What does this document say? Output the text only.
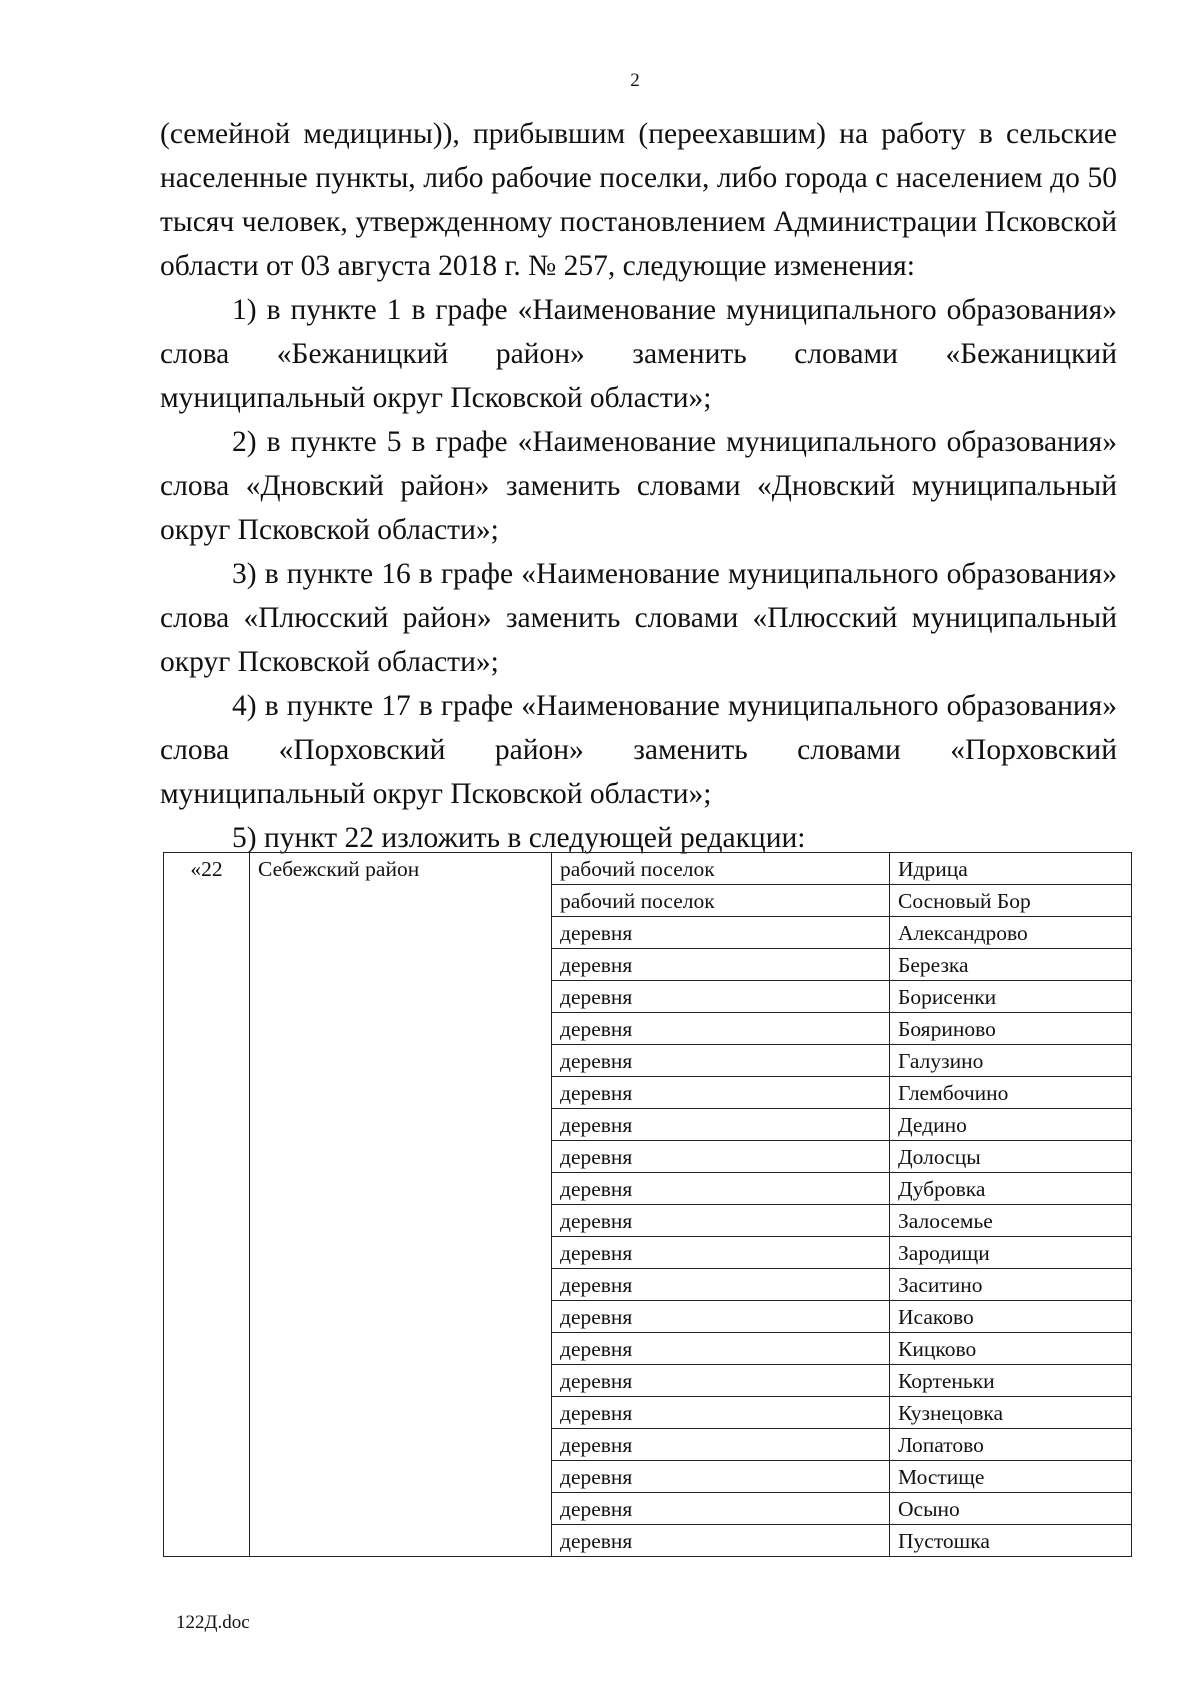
2

(семейной медицины)), прибывшим (переехавшим) на работу в сельские населенные пункты, либо рабочие поселки, либо города с населением до 50 тысяч человек, утвержденному постановлением Администрации Псковской области от 03 августа 2018 г. № 257, следующие изменения:

1) в пункте 1 в графе «Наименование муниципального образования» слова «Бежаницкий район» заменить словами «Бежаницкий муниципальный округ Псковской области»;

2) в пункте 5 в графе «Наименование муниципального образования» слова «Дновский район» заменить словами «Дновский муниципальный округ Псковской области»;

3) в пункте 16 в графе «Наименование муниципального образования» слова «Плюсский район» заменить словами «Плюсский муниципальный округ Псковской области»;

4) в пункте 17 в графе «Наименование муниципального образования» слова «Порховский район» заменить словами «Порховский муниципальный округ Псковской области»;

5) пункт 22 изложить в следующей редакции:

«22	Себежский район	рабочий поселок	Идрица
		рабочий поселок	Сосновый Бор
		деревня	Александрово
		деревня	Березка
		деревня	Борисенки
		деревня	Бояриново
		деревня	Галузино
		деревня	Глембочино
		деревня	Дедино
		деревня	Долосцы
		деревня	Дубровка
		деревня	Залосемье
		деревня	Зародищи
		деревня	Заситино
		деревня	Исаково
		деревня	Кицково
		деревня	Кортеньки
		деревня	Кузнецовка
		деревня	Лопатово
		деревня	Мостище
		деревня	Осыно
		деревня	Пустошка
122Д.doc
